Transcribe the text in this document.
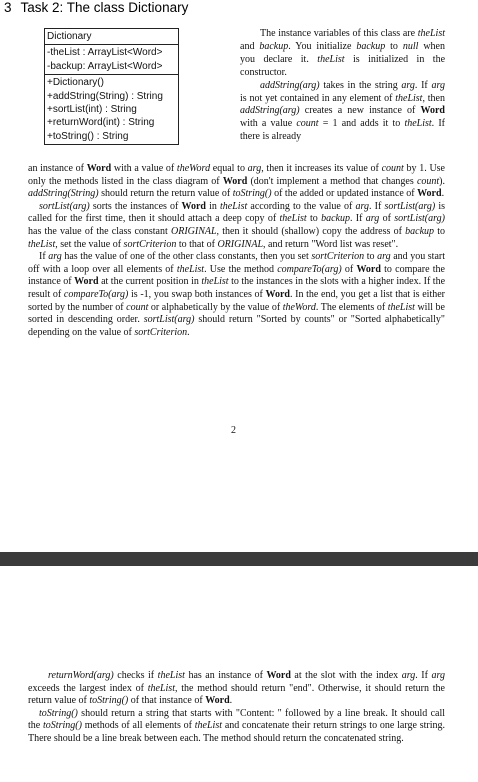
3 Task 2: The class Dictionary
Dictionary
-theList : ArrayList<Word>
-backup: ArrayList<Word>
+Dictionary()
+addString(String) : String
+sortList(int) : String
+returnWord(int) : String
+toString() : String

The instance variables of this class are theList and backup. You initialize backup to null when you declare it. theList is initialized in the constructor.

addString(arg) takes in the string arg. If arg is not yet contained in any element of theList, then addString(arg) creates a new instance of Word with a value count = 1 and adds it to theList. If there is already

an instance of Word with a value of theWord equal to arg, then it increases its value of count by 1. Use only the methods listed in the class diagram of Word (don't implement a method that changes count). addString(String) should return the return value of toString() of the added or updated instance of Word.

sortList(arg) sorts the instances of Word in theList according to the value of arg. If sortList(arg) is called for the first time, then it should attach a deep copy of theList to backup. If arg of sortList(arg) has the value of the class constant ORIGINAL, then it should (shallow) copy the address of backup to theList, set the value of sortCriterion to that of ORIGINAL, and return "Word list was reset".

If arg has the value of one of the other class constants, then you set sortCriterion to arg and you start off with a loop over all elements of theList. Use the method compareTo(arg) of Word to compare the instance of Word at the current position in theList to the instances in the slots with a higher index. If the result of compareTo(arg) is -1, you swap both instances of Word. In the end, you get a list that is either sorted by the number of count or alphabetically by the value of theWord. The elements of theList will be sorted in descending order. sortList(arg) should return "Sorted by counts" or "Sorted alphabetically" depending on the value of sortCriterion.

2

returnWord(arg) checks if theList has an instance of Word at the slot with the index arg. If arg exceeds the largest index of theList, the method should return "end". Otherwise, it should return the return value of toString() of that instance of Word.

toString() should return a string that starts with "Content: " followed by a line break. It should call the toString() methods of all elements of theList and concatenate their return strings to one large string. There should be a line break between each. The method should return the concatenated string.
